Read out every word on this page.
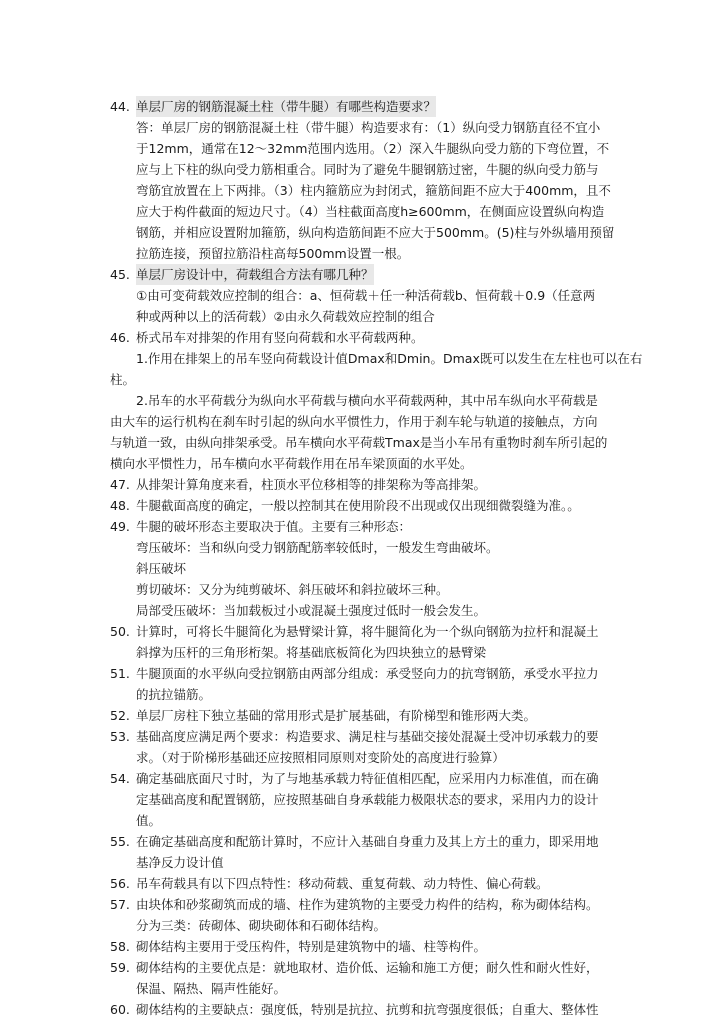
44. 单层厂房的钢筋混凝土柱（带牛腿）有哪些构造要求？
答：单层厂房的钢筋混凝土柱（带牛腿）构造要求有：（1）纵向受力钢筋直径不宜小
于12mm，通常在12～32mm范围内选用。（2）深入牛腿纵向受力筋的下弯位置，不
应与上下柱的纵向受力筋相重合。同时为了避免牛腿钢筋过密，牛腿的纵向受力筋与
弯筋宜放置在上下两排。（3）柱内箍筋应为封闭式，箍筋间距不应大于400mm，且不
应大于构件截面的短边尺寸。（4）当柱截面高度h≥600mm，在侧面应设置纵向构造
钢筋，并相应设置附加箍筋，纵向构造筋间距不应大于500mm。(5)柱与外纵墙用预留
拉筋连接，预留拉筋沿柱高每500mm设置一根。
45. 单层厂房设计中，荷载组合方法有哪几种？
①由可变荷载效应控制的组合：a、恒荷载＋任一种活荷载b、恒荷载＋0.9（任意两
种或两种以上的活荷载）②由永久荷载效应控制的组合
46. 桥式吊车对排架的作用有竖向荷载和水平荷载两种。
1.作用在排架上的吊车竖向荷载设计值Dmax和Dmin。Dmax既可以发生在左柱也可以在右
柱。
2.吊车的水平荷载分为纵向水平荷载与横向水平荷载两种，其中吊车纵向水平荷载是
由大车的运行机构在刹车时引起的纵向水平惯性力，作用于刹车轮与轨道的接触点，方向
与轨道一致，由纵向排架承受。吊车横向水平荷载Tmax是当小车吊有重物时刹车所引起的
横向水平惯性力，吊车横向水平荷载作用在吊车梁顶面的水平处。
47. 从排架计算角度来看，柱顶水平位移相等的排架称为等高排架。
48. 牛腿截面高度的确定，一般以控制其在使用阶段不出现或仅出现细微裂缝为准。。
49. 牛腿的破坏形态主要取决于值。主要有三种形态：
弯压破坏：当和纵向受力钢筋配筋率较低时，一般发生弯曲破坏。
斜压破坏
剪切破坏：又分为纯剪破坏、斜压破坏和斜拉破坏三种。
局部受压破坏：当加载板过小或混凝土强度过低时一般会发生。
50. 计算时，可将长牛腿简化为悬臂梁计算，将牛腿简化为一个纵向钢筋为拉杆和混凝土
斜撑为压杆的三角形桁架。将基础底板简化为四块独立的悬臂梁
51. 牛腿顶面的水平纵向受拉钢筋由两部分组成：承受竖向力的抗弯钢筋，承受水平拉力
的抗拉锚筋。
52. 单层厂房柱下独立基础的常用形式是扩展基础，有阶梯型和锥形两大类。
53. 基础高度应满足两个要求：构造要求、满足柱与基础交接处混凝土受冲切承载力的要
求。（对于阶梯形基础还应按照相同原则对变阶处的高度进行验算）
54. 确定基础底面尺寸时，为了与地基承载力特征值相匹配，应采用内力标准值，而在确
定基础高度和配置钢筋，应按照基础自身承载能力极限状态的要求，采用内力的设计
值。
55. 在确定基础高度和配筋计算时，不应计入基础自身重力及其上方土的重力，即采用地
基净反力设计值
56. 吊车荷载具有以下四点特性：移动荷载、重复荷载、动力特性、偏心荷载。
57. 由块体和砂浆砌筑而成的墙、柱作为建筑物的主要受力构件的结构，称为砌体结构。
分为三类：砖砌体、砌块砌体和石砌体结构。
58. 砌体结构主要用于受压构件，特别是建筑物中的墙、柱等构件。
59. 砌体结构的主要优点是：就地取材、造价低、运输和施工方便；耐久性和耐火性好，
保温、隔热、隔声性能好。
60. 砌体结构的主要缺点：强度低，特别是抗拉、抗剪和抗弯强度很低；自重大、整体性
